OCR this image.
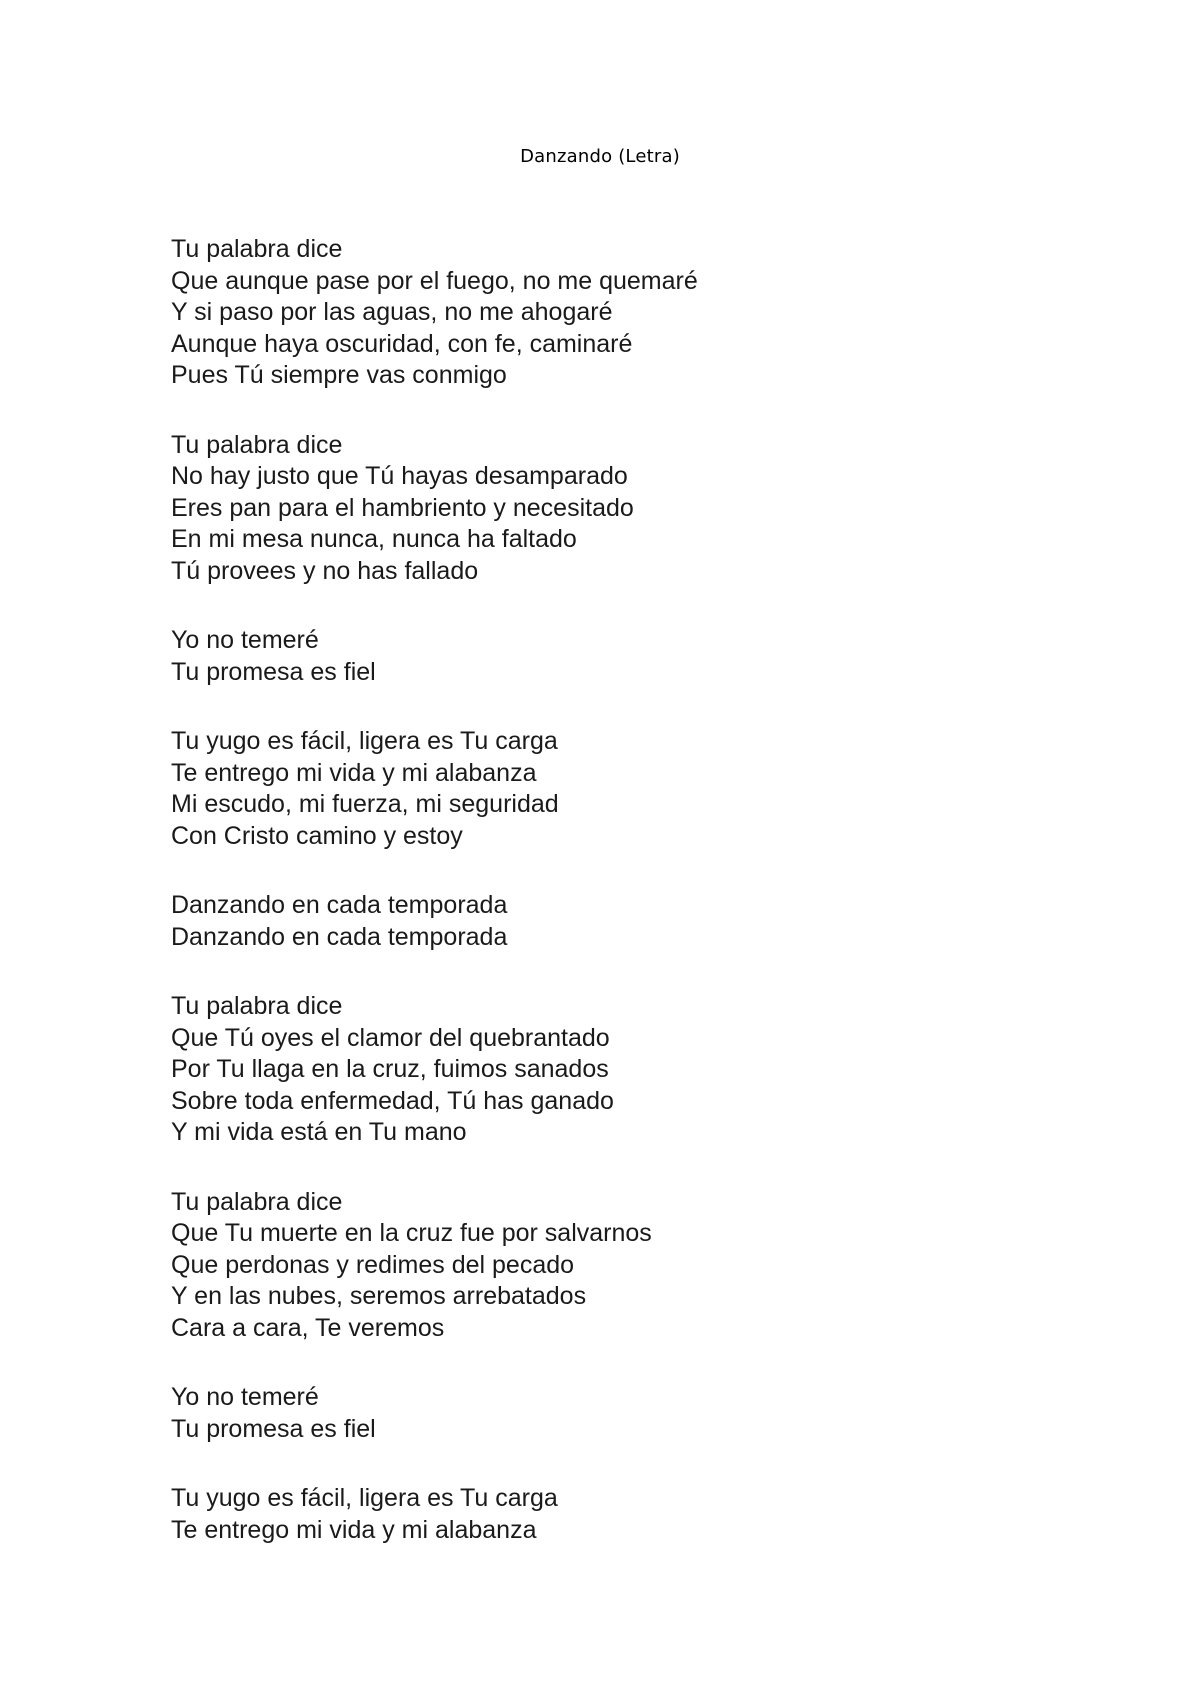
Danzando (Letra)
Tu palabra dice
Que aunque pase por el fuego, no me quemaré
Y si paso por las aguas, no me ahogaré
Aunque haya oscuridad, con fe, caminaré
Pues Tú siempre vas conmigo
Tu palabra dice
No hay justo que Tú hayas desamparado
Eres pan para el hambriento y necesitado
En mi mesa nunca, nunca ha faltado
Tú provees y no has fallado
Yo no temeré
Tu promesa es fiel
Tu yugo es fácil, ligera es Tu carga
Te entrego mi vida y mi alabanza
Mi escudo, mi fuerza, mi seguridad
Con Cristo camino y estoy
Danzando en cada temporada
Danzando en cada temporada
Tu palabra dice
Que Tú oyes el clamor del quebrantado
Por Tu llaga en la cruz, fuimos sanados
Sobre toda enfermedad, Tú has ganado
Y mi vida está en Tu mano
Tu palabra dice
Que Tu muerte en la cruz fue por salvarnos
Que perdonas y redimes del pecado
Y en las nubes, seremos arrebatados
Cara a cara, Te veremos
Yo no temeré
Tu promesa es fiel
Tu yugo es fácil, ligera es Tu carga
Te entrego mi vida y mi alabanza
